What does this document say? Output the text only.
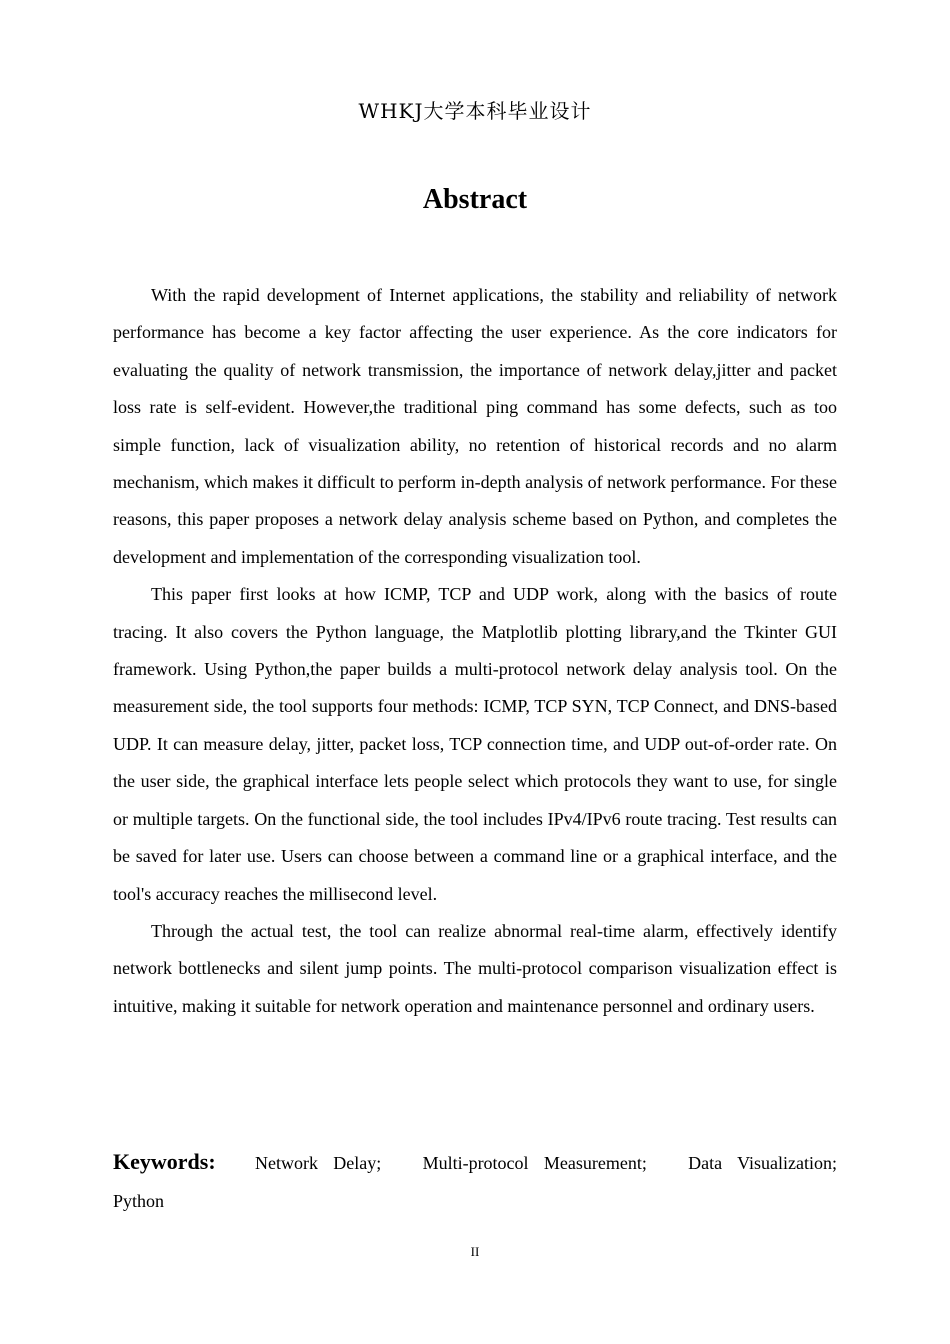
WHKJ大学本科毕业设计
Abstract

With the rapid development of Internet applications, the stability and reliability of network performance has become a key factor affecting the user experience. As the core indicators for evaluating the quality of network transmission, the importance of network delay,jitter and packet loss rate is self-evident. However,the traditional ping command has some defects, such as too simple function, lack of visualization ability, no retention of historical records and no alarm mechanism, which makes it difficult to perform in-depth analysis of network performance. For these reasons, this paper proposes a network delay analysis scheme based on Python, and completes the development and implementation of the corresponding visualization tool.

This paper first looks at how ICMP, TCP and UDP work, along with the basics of route tracing. It also covers the Python language, the Matplotlib plotting library,and the Tkinter GUI framework. Using Python,the paper builds a multi-protocol network delay analysis tool. On the measurement side, the tool supports four methods: ICMP, TCP SYN, TCP Connect, and DNS-based UDP. It can measure delay, jitter, packet loss, TCP connection time, and UDP out-of-order rate. On the user side, the graphical interface lets people select which protocols they want to use, for single or multiple targets. On the functional side, the tool includes IPv4/IPv6 route tracing. Test results can be saved for later use. Users can choose between a command line or a graphical interface, and the tool's accuracy reaches the millisecond level.

Through the actual test, the tool can realize abnormal real-time alarm, effectively identify network bottlenecks and silent jump points. The multi-protocol comparison visualization effect is intuitive, making it suitable for network operation and maintenance personnel and ordinary users.

Keywords: Network Delay; Multi-protocol Measurement; Data Visualization; Python
II
